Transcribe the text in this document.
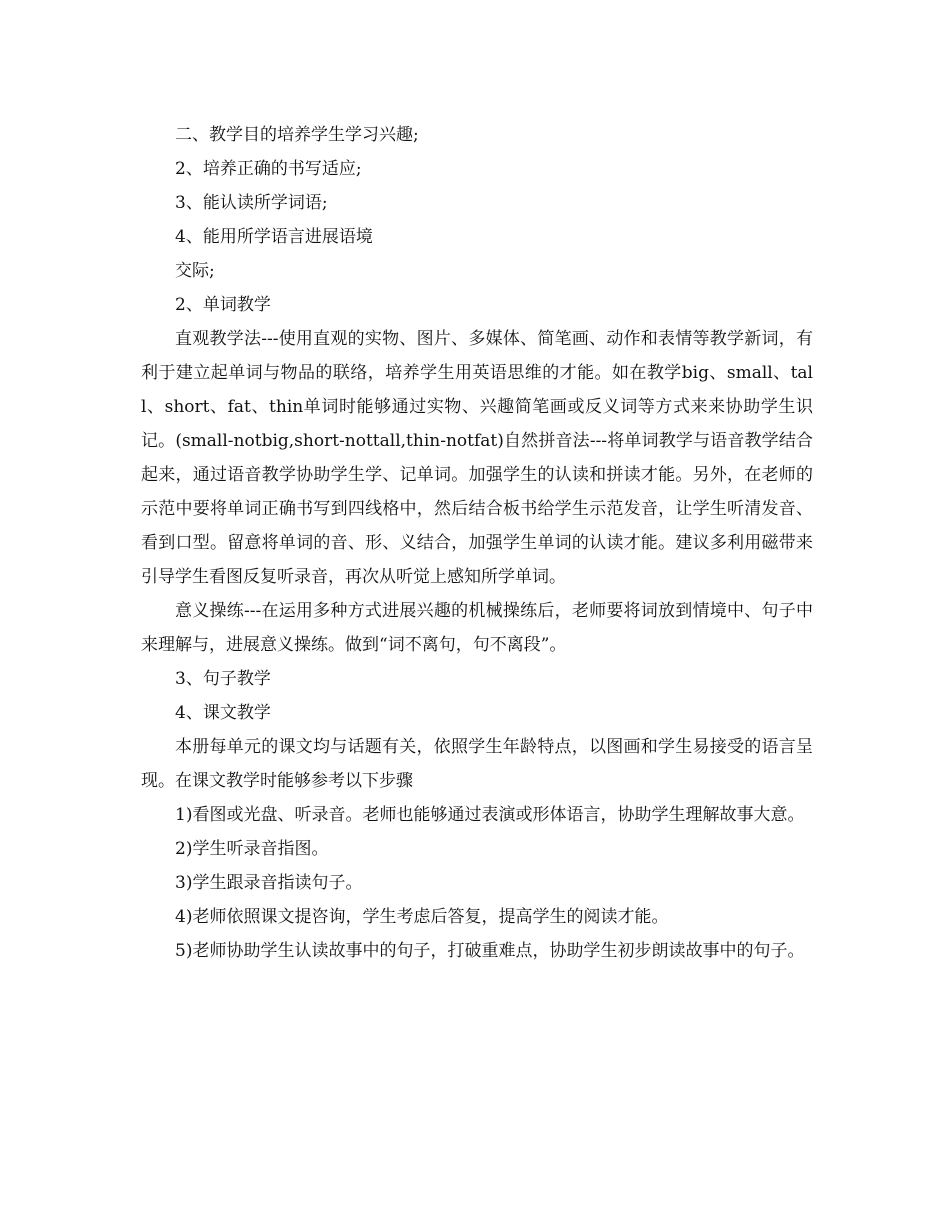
二、教学目的培养学生学习兴趣;

2、培养正确的书写适应;

3、能认读所学词语;

4、能用所学语言进展语境

交际;

2、单词教学

直观教学法---使用直观的实物、图片、多媒体、简笔画、动作和表情等教学新词，有利于建立起单词与物品的联络，培养学生用英语思维的才能。如在教学big、small、tall、short、fat、thin单词时能够通过实物、兴趣简笔画或反义词等方式来来协助学生识记。(small-notbig,short-nottall,thin-notfat)自然拼音法---将单词教学与语音教学结合起来，通过语音教学协助学生学、记单词。加强学生的认读和拼读才能。另外，在老师的示范中要将单词正确书写到四线格中，然后结合板书给学生示范发音，让学生听清发音、看到口型。留意将单词的音、形、义结合，加强学生单词的认读才能。建议多利用磁带来引导学生看图反复听录音，再次从听觉上感知所学单词。

意义操练---在运用多种方式进展兴趣的机械操练后，老师要将词放到情境中、句子中来理解与，进展意义操练。做到“词不离句，句不离段”。

3、句子教学

4、课文教学

本册每单元的课文均与话题有关，依照学生年龄特点，以图画和学生易接受的语言呈现。在课文教学时能够参考以下步骤

1)看图或光盘、听录音。老师也能够通过表演或形体语言，协助学生理解故事大意。

2)学生听录音指图。

3)学生跟录音指读句子。

4)老师依照课文提咨询，学生考虑后答复，提高学生的阅读才能。

5)老师协助学生认读故事中的句子，打破重难点，协助学生初步朗读故事中的句子。
